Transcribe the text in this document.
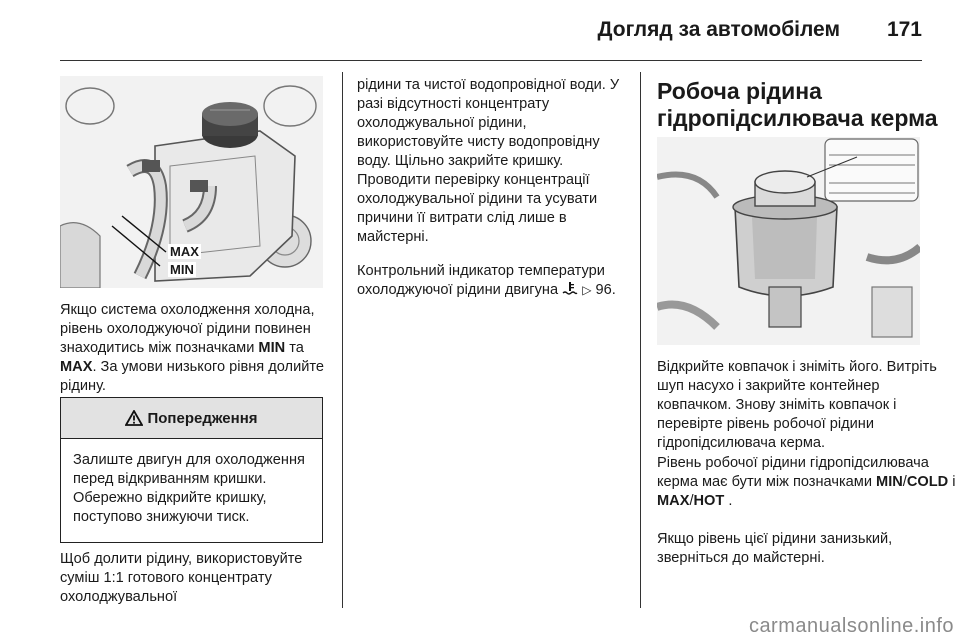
Догляд за автомобілем 171
MAX
MIN

Якщо система охолодження холодна, рівень охолоджуючої рідини повинен знаходитись між позначками MIN та MAX. За умови низького рівня долийте рідину.

Попередження
Залиште двигун для охолодження перед відкриванням кришки. Обережно відкрийте кришку, поступово знижуючи тиск.

Щоб долити рідину, використовуйте суміш 1:1 готового концентрату охолоджувальної

рідини та чистої водопровідної води. У разі відсутності концентрату охолоджувальної рідини, використовуйте чисту водопровідну воду. Щільно закрийте кришку. Проводити перевірку концентрації охолоджувальної рідини та усувати причини її витрати слід лише в майстерні.

Контрольний індикатор температури охолоджуючої рідини двигуна ▷ 96.

Робоча рідина
гідропідсилювача керма

Відкрийте ковпачок і зніміть його. Витріть шуп насухо і закрийте контейнер ковпачком. Знову зніміть ковпачок і перевірте рівень робочої рідини гідропідсилювача керма.

Рівень робочої рідини гідропідсилювача керма має бути між позначками MIN/COLD і MAX/HOT .

Якщо рівень цієї рідини занизький, зверніться до майстерні.

carmanualsonline.info
